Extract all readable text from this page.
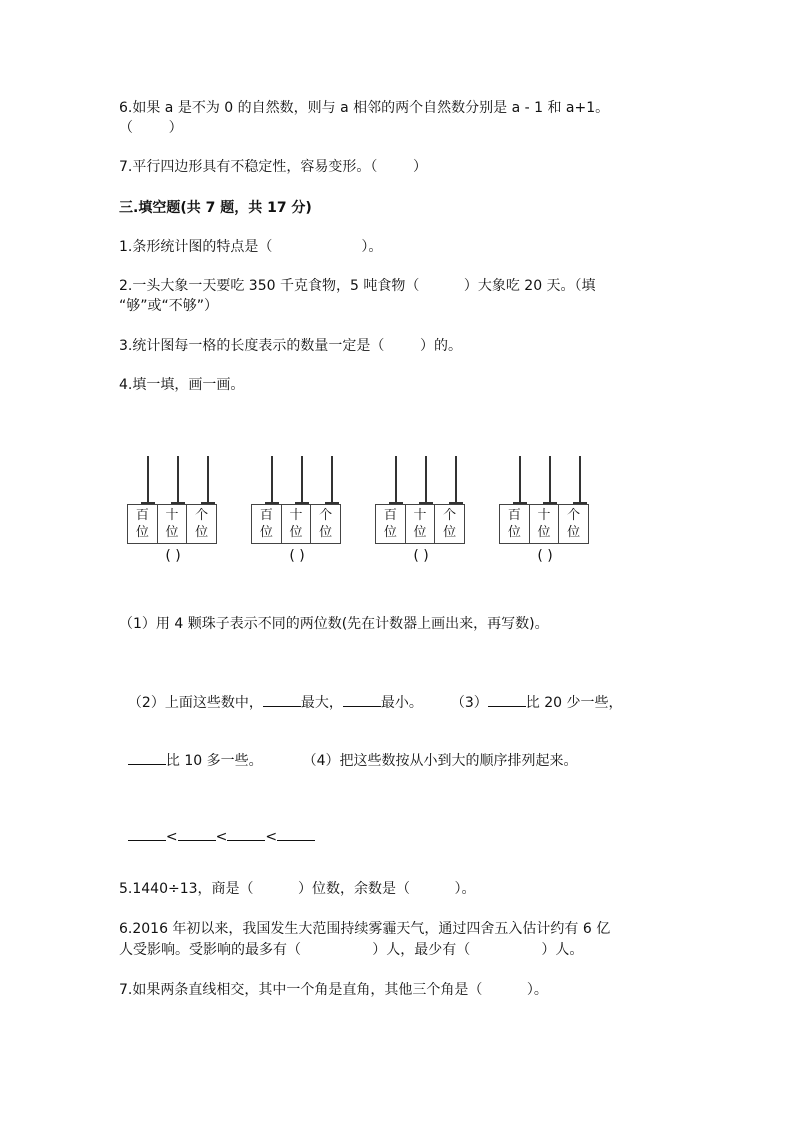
6.如果 a 是不为 0 的自然数，则与 a 相邻的两个自然数分别是 a - 1 和 a+1。
（        ）
7.平行四边形具有不稳定性，容易变形。（        ）
三.填空题(共 7 题，共 17 分)
1.条形统计图的特点是（                    ）。
2.一头大象一天要吃 350 千克食物，5 吨食物（          ）大象吃 20 天。（填
“够”或“不够”）
3.统计图每一格的长度表示的数量一定是（        ）的。
4.填一填，画一画。
百
位
十
位
个
位
( )
百
位
十
位
个
位
( )
百
位
十
位
个
位
( )
百
位
十
位
个
位
( )
（1）用 4 颗珠子表示不同的两位数(先在计数器上画出来，再写数)。

（2）上面这些数中，	最大，	最小。 （3）	比 20 少一些，

比 10 多一些。	（4）把这些数按从小到大的顺序排列起来。

<	<	<

5.1440÷13，商是（          ）位数，余数是（          ）。
6.2016 年初以来，我国发生大范围持续雾霾天气，通过四舍五入估计约有 6 亿
人受影响。受影响的最多有（                ）人，最少有（                ）人。
7.如果两条直线相交，其中一个角是直角，其他三个角是（          ）。
